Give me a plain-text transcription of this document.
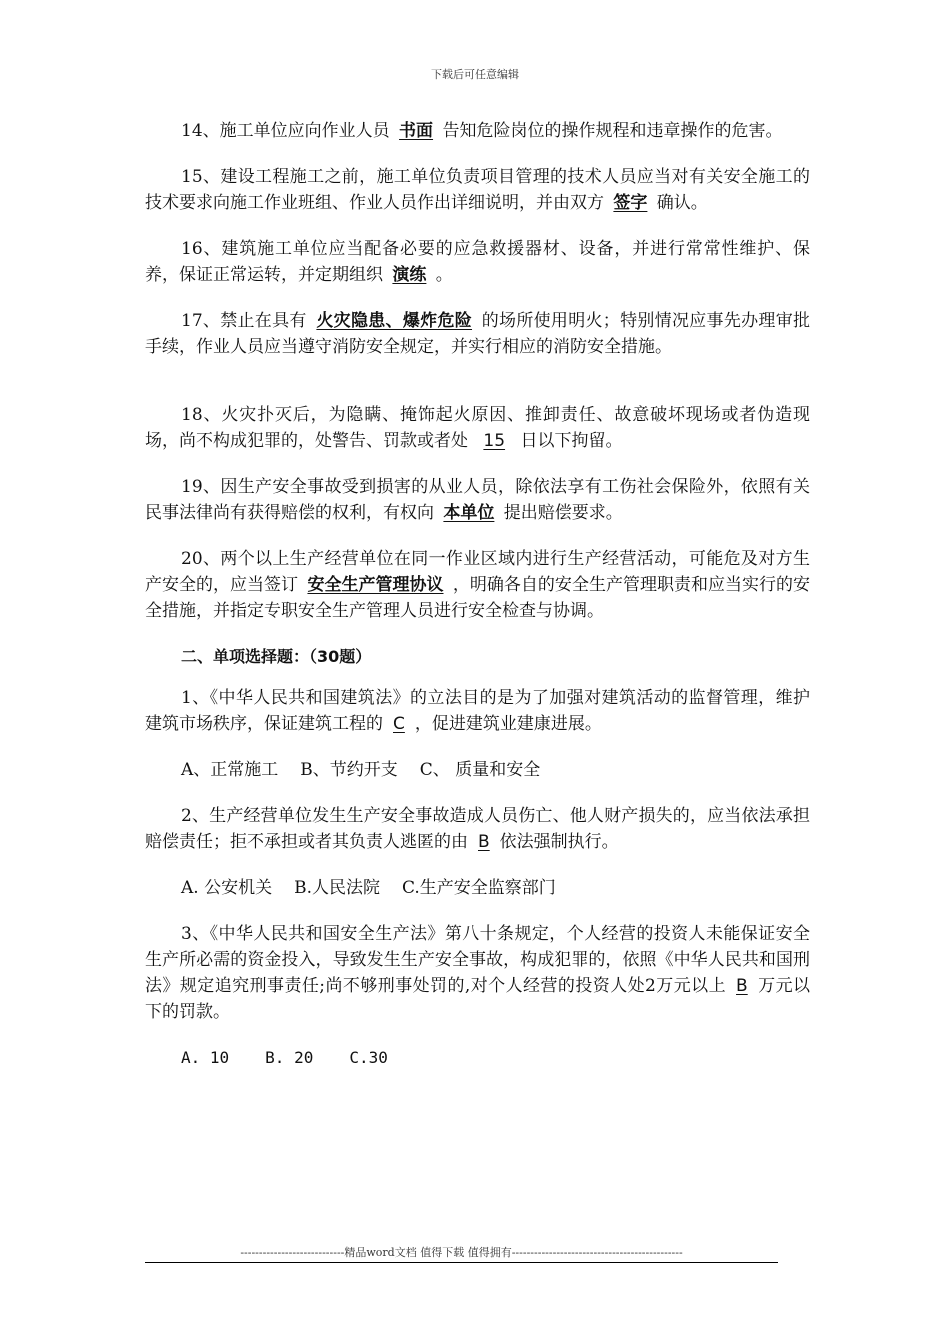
下载后可任意编辑

14、施工单位应向作业人员 书面 告知危险岗位的操作规程和违章操作的危害。

15、建设工程施工之前，施工单位负责项目管理的技术人员应当对有关安全施工的技术要求向施工作业班组、作业人员作出详细说明，并由双方 签字 确认。

16、建筑施工单位应当配备必要的应急救援器材、设备，并进行常常性维护、保养，保证正常运转，并定期组织 演练 。

17、禁止在具有 火灾隐患、爆炸危险 的场所使用明火；特别情况应事先办理审批手续，作业人员应当遵守消防安全规定，并实行相应的消防安全措施。

18、火灾扑灭后，为隐瞒、掩饰起火原因、推卸责任、故意破坏现场或者伪造现场，尚不构成犯罪的，处警告、罚款或者处 15 日以下拘留。

19、因生产安全事故受到损害的从业人员，除依法享有工伤社会保险外，依照有关民事法律尚有获得赔偿的权利，有权向 本单位 提出赔偿要求。

20、两个以上生产经营单位在同一作业区域内进行生产经营活动，可能危及对方生产安全的，应当签订 安全生产管理协议 ，明确各自的安全生产管理职责和应当实行的安全措施，并指定专职安全生产管理人员进行安全检查与协调。

二、单项选择题：（30题）

1、《中华人民共和国建筑法》的立法目的是为了加强对建筑活动的监督管理，维护建筑市场秩序，保证建筑工程的 C ，促进建筑业建康进展。

A、正常施工 B、节约开支 C、 质量和安全

2、生产经营单位发生生产安全事故造成人员伤亡、他人财产损失的，应当依法承担赔偿责任；拒不承担或者其负责人逃匿的由 B 依法强制执行。

A. 公安机关 B.人民法院 C.生产安全监察部门

3、《中华人民共和国安全生产法》第八十条规定，个人经营的投资人未能保证安全生产所必需的资金投入，导致发生生产安全事故，构成犯罪的，依照《中华人民共和国刑法》规定追究刑事责任;尚不够刑事处罚的,对个人经营的投资人处2万元以上 B 万元以下的罚款。

A. 10 B. 20 C.30
----------------------------精品word文档 值得下载 值得拥有----------------------------------------------
